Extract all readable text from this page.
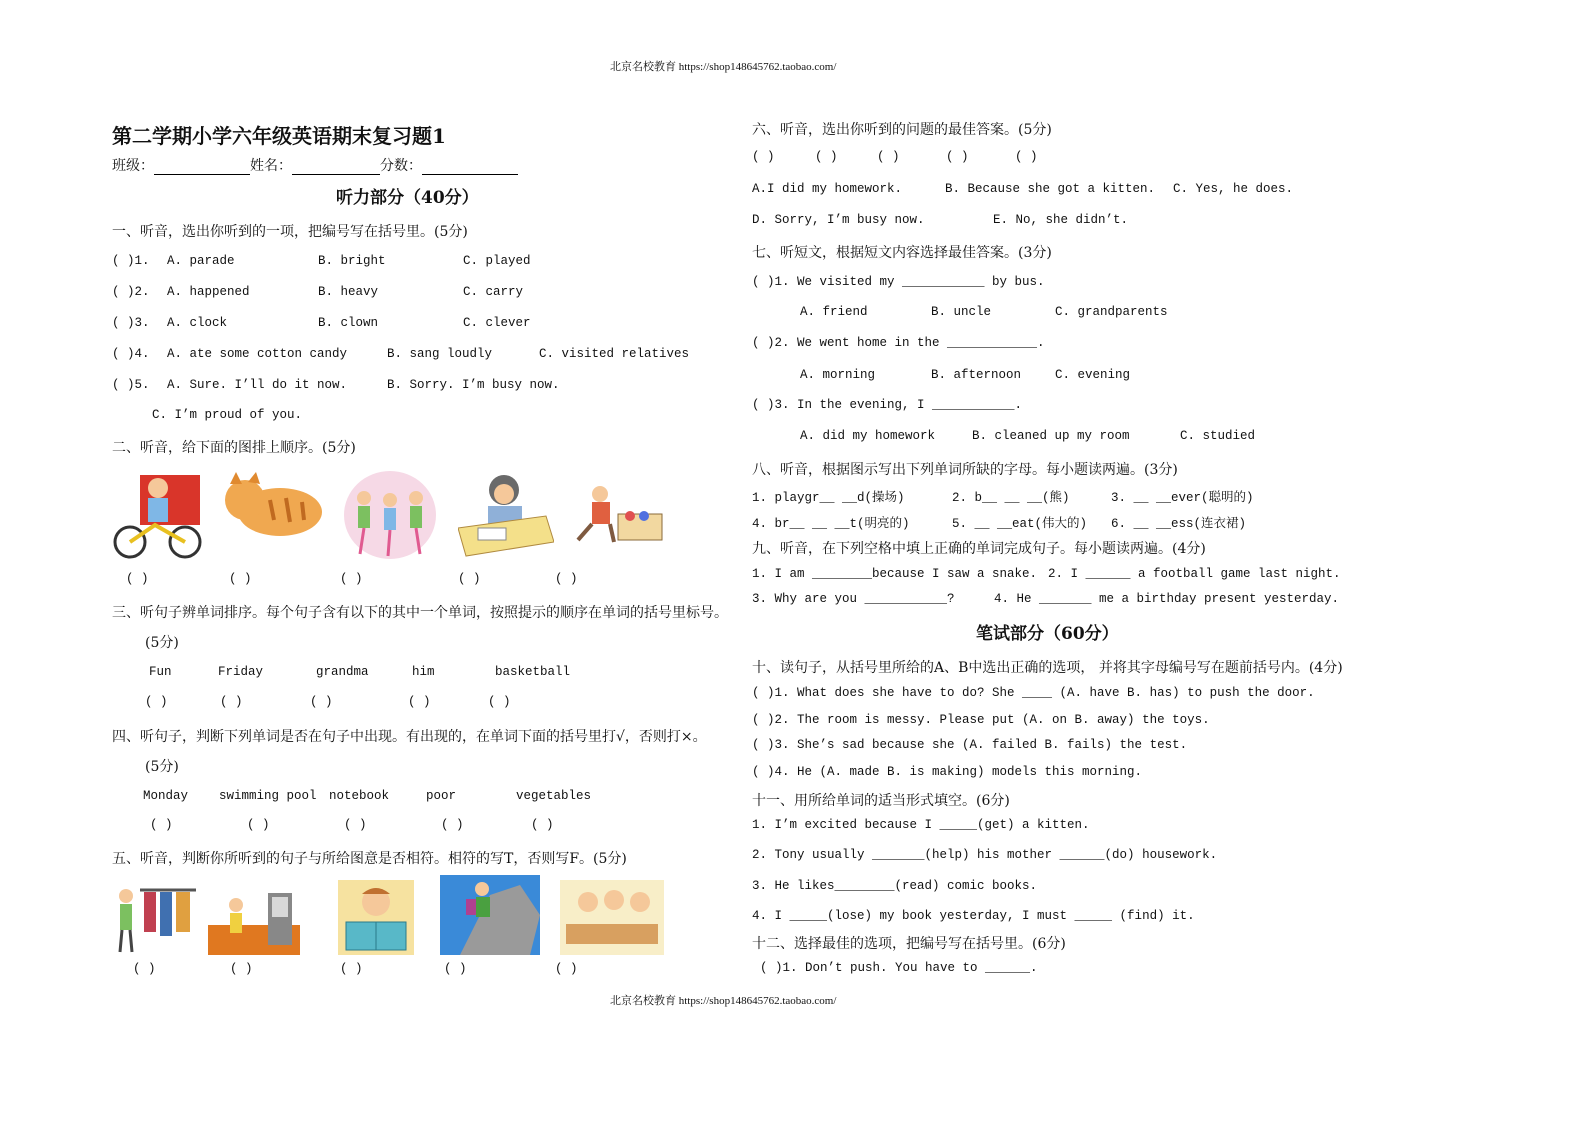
北京名校教育 https://shop148645762.taobao.com/
北京名校教育 https://shop148645762.taobao.com/
第二学期小学六年级英语期末复习题1
班级：	姓名：	分数：
听力部分（40分）
一、听音，选出你听到的一项，把编号写在括号里。(5分)
( )1. A. parade	B. bright	C. played
( )2. A. happened	B. heavy	C. carry
( )3. A. clock	B. clown	C. clever
( )4. A. ate some cotton candy	B. sang loudly	C. visited relatives
( )5. A. Sure. I’ll do it now.	B. Sorry. I’m busy now.
C. I’m proud of you.
二、听音，给下面的图排上顺序。(5分)
( )	( )	( )	( )	( )
三、听句子辨单词排序。每个句子含有以下的其中一个单词，按照提示的顺序在单词的括号里标号。
(5分)
Fun	Friday	grandma	him	basketball
( )	( )	( )	( )	( )
四、听句子，判断下列单词是否在句子中出现。有出现的，在单词下面的括号里打√，否则打×。
(5分)
Monday swimming pool notebook	poor	vegetables
( )	( )	( )	( )	( )
五、听音，判断你所听到的句子与所给图意是否相符。相符的写T，否则写F。(5分)
( )	( )	( )	( )	( )
六、听音，选出你听到的问题的最佳答案。(5分)
( )	( )	( )	( )	( )
A.I did my homework.	B. Because she got a kitten. C. Yes, he does.
D. Sorry, I’m busy now.	E. No, she didn’t.
七、听短文，根据短文内容选择最佳答案。(3分)
( )1. We visited my ___________ by bus.
A. friend	B. uncle	C. grandparents
( )2. We went home in the ____________.
A. morning	B. afternoon	C. evening
( )3. In the evening, I ___________.
A. did my homework	B. cleaned up my room	C. studied
八、听音，根据图示写出下列单词所缺的字母。每小题读两遍。(3分)
1. playgr__ __d(操场)	2. b__ __ __(熊)	3. __ __ever(聪明的)
4. br__ __ __t(明亮的)	5. __ __eat(伟大的) 6. __ __ess(连衣裙)
九、听音，在下列空格中填上正确的单词完成句子。每小题读两遍。(4分)
1. I am ________because I saw a snake. 2. I ______ a football game last night.
3. Why are you ___________?	4. He _______ me a birthday present yesterday.
笔试部分（60分）
十、读句子，从括号里所给的A、B中选出正确的选项， 并将其字母编号写在题前括号内。(4分)
( )1. What does she have to do? She ____ (A. have B. has) to push the door.
( )2. The room is messy. Please put (A. on B. away) the toys.
( )3. She’s sad because she (A. failed B. fails) the test.
( )4. He (A. made B. is making) models this morning.
十一、用所给单词的适当形式填空。(6分)
1. I’m excited because I _____(get) a kitten.
2. Tony usually _______(help) his mother ______(do) housework.
3. He likes________(read) comic books.
4. I _____(lose) my book yesterday, I must _____ (find) it.
十二、选择最佳的选项，把编号写在括号里。(6分)
( )1. Don’t push. You have to ______.
